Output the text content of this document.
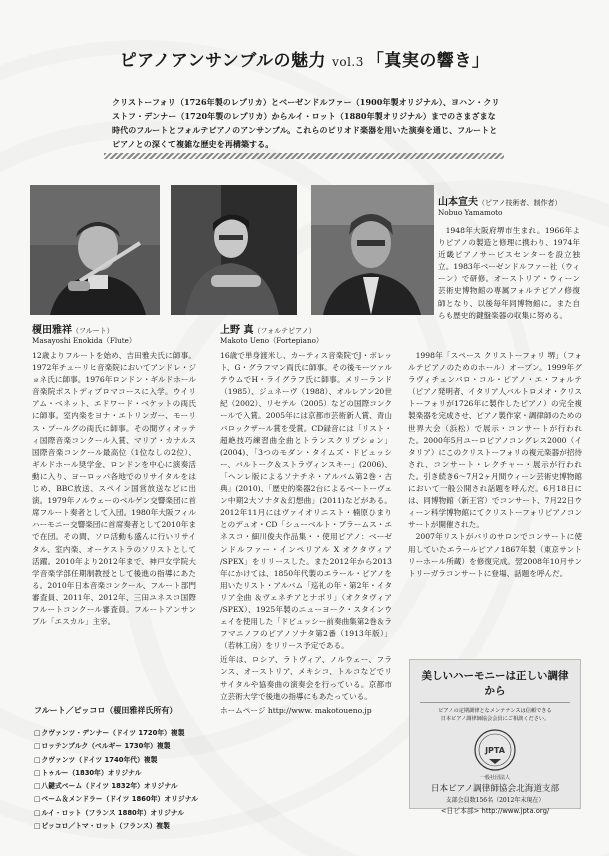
ピアノアンサンブルの魅力 vol.3 「真実の響き」

クリストーフォリ（1726年製のレプリカ）とベーゼンドルファー（1900年製オリジナル）、ヨハン・クリストフ・デンナー（1720年製のレプリカ）からルイ・ロット（1880年製オリジナル）までのさまざまな時代のフルートとフォルテピアノのアンサンブル。これらのピリオド楽器を用いた演奏を通じ、フルートとピアノとの深くて複雑な歴史を再構築する。

山本宣夫（ピアノ技術者、制作者）
Nobuo Yamamoto

1948年大阪府堺市生まれ。1966年よりピアノの製造と修理に携わり、1974年近畿ピアノサービスセンターを設立独立。1983年ベーゼンドルファー社（ウィーン）で研修。オーストリア・ウィーン芸術史博物館の専属フォルテピアノ修復師となり、以後毎年同博物館に。また自らも歴史的鍵盤楽器の収集に努める。

榎田雅祥（フルート）
Masayoshi Enokida（Flute）

12歳よりフルートを始め、吉田雅夫氏に師事。1972年チューリヒ音楽院においてアンドレ・ジョネ氏に師事。1976年ロンドン・ギルドホール音楽院ポストディプロマコースに入学。ウイリアム・ベネット、エドワード・ベケットの両氏に師事。室内楽をヨナ・エトリンガー、モーリス・プールグの両氏に師事。その間ヴィオッティ国際音楽コンクール入賞、マリア・カナルス国際音楽コンクール最高位（1位なしの2位）、ギルドホール奨学金、ロンドンを中心に演奏活動に入り、ヨーロッパ各地でのリサイタルをはじめ、BBC放送、スペイン国営放送などに出演。1979年ノルウェーのベルゲン交響楽団に首席フルート奏者として入団。1980年大阪フィルハーモニー交響楽団に首席奏者として2010年まで在団。その間、ソロ活動も盛んに行いリサイタル、室内楽、オーケストラのソリストとして活躍。2010年より2012年まで、神戸女学院大学音楽学部任期制教授として後進の指導にあたる。2010年日本音楽コンクール、フルート部門審査員、2011年、2012年、三田ユネスコ国際フルートコンクール審査員。フルートアンサンブル「エスカル」主宰。

上野 真（フォルテピアノ）
Makoto Ueno（Fortepiano）

16歳で単身渡米し、カーティス音楽院でJ・ボレット、G・グラフマン両氏に師事。その後モーツァルテウムでH・ライグラフ氏に師事。メリーランド（1985）、ジュネーヴ（1988）、オルレアン20世紀（2002）、リセテル（2005）などの国際コンクールで入賞。2005年には京都市芸術新人賞、青山バロックザール賞を受賞。CD録音には「リスト・超絶技巧練習曲全曲とトランスクリプション」(2004)、「3つのモダン・タイムズ・ドビュッシー、バルトーク＆ストラヴィンスキー」(2006)、「ヘンレ版によるソナチネ・アルバム第2巻・古典」(2010)、「歴史的楽器2台によるベートーヴェン中期2大ソナタ＆幻想曲」(2011)などがある。2012年11月にはヴァイオリニスト・楠原ひまりとのデュオ・CD「シューベルト・ブラームス・エネスコ・細川俊夫作品集・・使用ピアノ：ベーゼンドルファー・インペリアル X オクタヴィア /SPEX」をリリースした。また2012年から2013年にかけては、1850年代製のエラール・ピアノを用いたリスト・アルバム「巡礼の年・第2年・イタリア全曲 ＆ヴェネチアとナポリ」（オクタヴィア /SPEX）、1925年製のニューヨーク・スタインウェイを使用した「ドビュッシー前奏曲集第2巻＆ラフマニノフのピアノソナタ第2番（1913年版）」（若林工房）をリリース予定である。

近年は、ロシア、ラトヴィア、ノルウェー、フランス、オーストリア、メキシコ、トルコなどでリサイタルや協奏曲の演奏会を行っている。京都市立芸術大学で後進の指導にもあたっている。

ホームページ http://www. makotoueno.jp

1998年「スペース クリストーフォリ 堺」（フォルテピアノのためのホール）オープン。1999年グラヴィチェンバロ・コル・ピアノ・エ・フォルテ（ピアノ発明者、イタリア人バルトロメオ・クリストーフォリが1726年に製作したピアノ）の完全複製楽器を完成させ、ピアノ製作家・調律師のための世界大会（浜松）で展示・コンサートが行われた。2000年5月ユーロピアノコングレス2000（イタリア）にこのクリストーフォリの複元楽器が招待され、コンサート・レクチャー・展示が行われた。引き続き6〜7月2ヶ月間ウィーン芸術史博物館において一般公開され話題を呼んだ。6月18日には、同博物館（新王宮）でコンサート、7月22日ウィーン科学博物館にてクリストーフォリピアノコンサートが開催された。

2007年リストがバリのサロンでコンサートに使用していたエラールピアノ1867年製（東京サントリーホール所蔵）を修復完成。翌2008年10月サントリーガラコンサートに登場、話題を呼んだ。

フルート／ピッコロ（榎田雅祥氏所有）
□ クヴァンツ・デンナー（ドイツ 1720年）複製
□ ロッテンブルク（ベルギー 1730年）複製
□ クヴァンツ（ドイツ 1740年代）複製
□ トゥルー（1830年）オリジナル
□ 八鍵式ベーム（ドイツ 1832年）オリジナル
□ ベーム＆メンドラー（ドイツ 1860年）オリジナル
□ ルイ・ロット（フランス 1880年）オリジナル
□ ピッコロ／トマ・ロット（フランス）複製
美しいハーモニーは正しい調律から
ピアノの定期調律となメンテナンスは信頼できる
日本ピアノ調律師協会会員にご相談ください。
JPTA
一般社団法人
日本ピアノ調律師協会北海道支部
支部会員数156名（2012年末現在）
<日ピ本部> http://www.jpta.org/
